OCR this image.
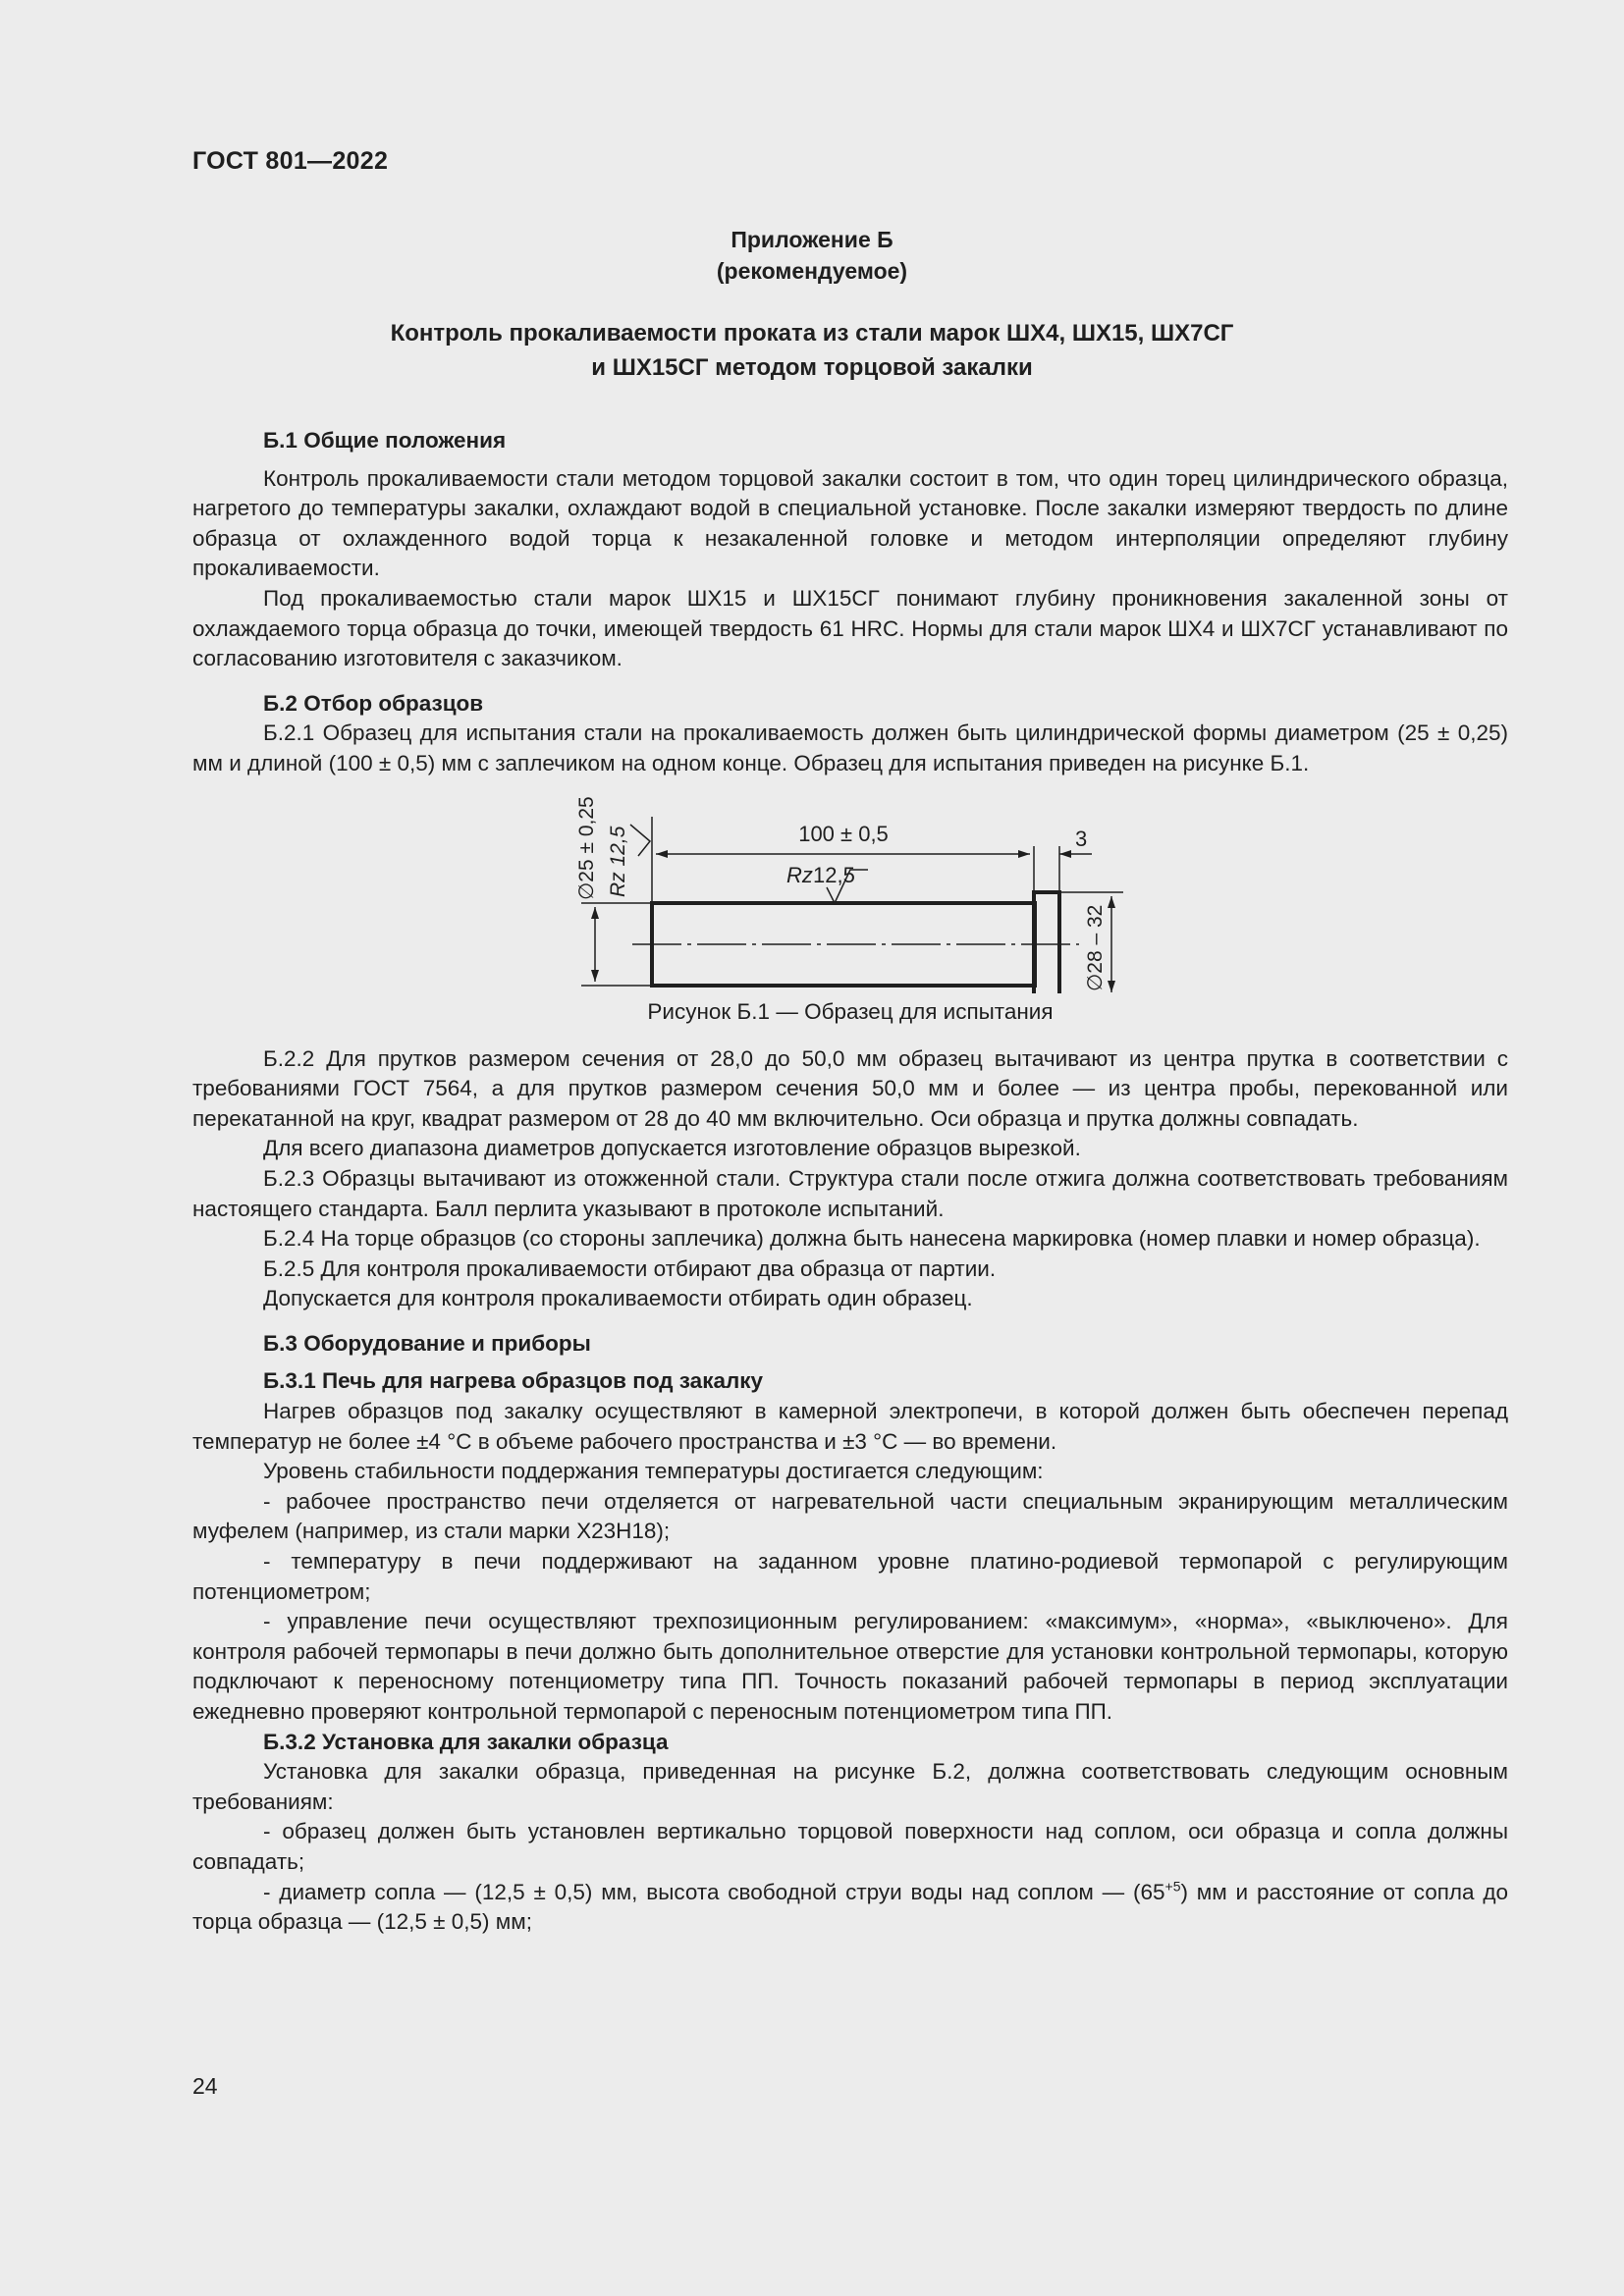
ГОСТ 801—2022
Приложение Б
(рекомендуемое)
Контроль прокаливаемости проката из стали марок ШХ4, ШХ15, ШХ7СГ
и ШХ15СГ методом торцовой закалки
Б.1 Общие положения

Контроль прокаливаемости стали методом торцовой закалки состоит в том, что один торец цилиндрического образца, нагретого до температуры закалки, охлаждают водой в специальной установке. После закалки измеряют твердость по длине образца от охлажденного водой торца к незакаленной головке и методом интерполяции определяют глубину прокаливаемости.

Под прокаливаемостью стали марок ШХ15 и ШХ15СГ понимают глубину проникновения закаленной зоны от охлаждаемого торца образца до точки, имеющей твердость 61 HRC. Нормы для стали марок ШХ4 и ШХ7СГ устанавливают по согласованию изготовителя с заказчиком.

Б.2 Отбор образцов

Б.2.1 Образец для испытания стали на прокаливаемость должен быть цилиндрической формы диаметром (25 ± 0,25) мм и длиной (100 ± 0,5) мм с заплечиком на одном конце. Образец для испытания приведен на рисунке Б.1.

100 ± 0,5	3
Rz 12,5
∅25 ± 0,25 Rz 12,5
∅28 – 32
Рисунок Б.1 — Образец для испытания

Б.2.2 Для прутков размером сечения от 28,0 до 50,0 мм образец вытачивают из центра прутка в соответствии с требованиями ГОСТ 7564, а для прутков размером сечения 50,0 мм и более — из центра пробы, перекованной или перекатанной на круг, квадрат размером от 28 до 40 мм включительно. Оси образца и прутка должны совпадать.

Для всего диапазона диаметров допускается изготовление образцов вырезкой.

Б.2.3 Образцы вытачивают из отожженной стали. Структура стали после отжига должна соответствовать требованиям настоящего стандарта. Балл перлита указывают в протоколе испытаний.

Б.2.4 На торце образцов (со стороны заплечика) должна быть нанесена маркировка (номер плавки и номер образца).

Б.2.5 Для контроля прокаливаемости отбирают два образца от партии.

Допускается для контроля прокаливаемости отбирать один образец.

Б.3 Оборудование и приборы
Б.3.1 Печь для нагрева образцов под закалку

Нагрев образцов под закалку осуществляют в камерной электропечи, в которой должен быть обеспечен перепад температур не более ±4 °С в объеме рабочего пространства и ±3 °С — во времени.

Уровень стабильности поддержания температуры достигается следующим:

- рабочее пространство печи отделяется от нагревательной части специальным экранирующим металлическим муфелем (например, из стали марки Х23Н18);

- температуру в печи поддерживают на заданном уровне платино-родиевой термопарой с регулирующим потенциометром;

- управление печи осуществляют трехпозиционным регулированием: «максимум», «норма», «выключено». Для контроля рабочей термопары в печи должно быть дополнительное отверстие для установки контрольной термопары, которую подключают к переносному потенциометру типа ПП. Точность показаний рабочей термопары в период эксплуатации ежедневно проверяют контрольной термопарой с переносным потенциометром типа ПП.

Б.3.2 Установка для закалки образца

Установка для закалки образца, приведенная на рисунке Б.2, должна соответствовать следующим основным требованиям:

- образец должен быть установлен вертикально торцовой поверхности над соплом, оси образца и сопла должны совпадать;

- диаметр сопла — (12,5 ± 0,5) мм, высота свободной струи воды над соплом — $(65^{+5})$ мм и расстояние от сопла до торца образца — (12,5 ± 0,5) мм;

24
